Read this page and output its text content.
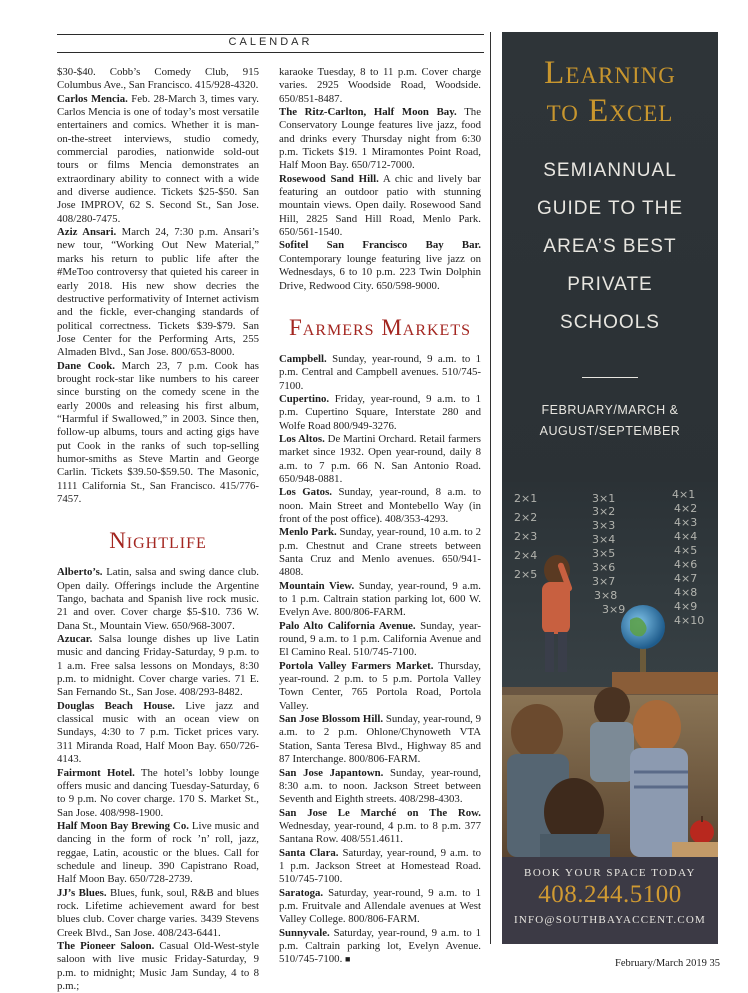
CALENDAR

$30-$40. Cobb’s Comedy Club, 915 Columbus Ave., San Francisco. 415/928-4320.

Carlos Mencia. Feb. 28-March 3, times vary. Carlos Mencia is one of today’s most versatile entertainers and comics. Whether it is man-on-the-street interviews, studio comedy, commercial parodies, nationwide sold-out tours or films Mencia demonstrates an extraordinary ability to connect with a wide and diverse audience. Tickets $25-$50. San Jose IMPROV, 62 S. Second St., San Jose. 408/280-7475.

Aziz Ansari. March 24, 7:30 p.m. Ansari’s new tour, “Working Out New Material,” marks his return to public life after the #MeToo controversy that quieted his career in early 2018. His new show decries the destructive performativity of Internet activism and the fickle, ever-changing standards of political correctness. Tickets $39-$79. San Jose Center for the Performing Arts, 255 Almaden Blvd., San Jose. 800/653-8000.

Dane Cook. March 23, 7 p.m. Cook has brought rock-star like numbers to his career since bursting on the comedy scene in the early 2000s and releasing his first album, “Harmful if Swallowed,” in 2003. Since then, follow-up albums, tours and acting gigs have put Cook in the ranks of such top-selling humor-smiths as Steve Martin and George Carlin. Tickets $39.50-$59.50. The Masonic, 1111 California St., San Francisco. 415/776-7457.

Nightlife

Alberto’s. Latin, salsa and swing dance club. Open daily. Offerings include the Argentine Tango, bachata and Spanish live rock music. 21 and over. Cover charge $5-$10. 736 W. Dana St., Mountain View. 650/968-3007.

Azucar. Salsa lounge dishes up live Latin music and dancing Friday-Saturday, 9 p.m. to 1 a.m. Free salsa lessons on Mondays, 8:30 p.m. to midnight. Cover charge varies. 71 E. San Fernando St., San Jose. 408/293-8482.

Douglas Beach House. Live jazz and classical music with an ocean view on Sundays, 4:30 to 7 p.m. Ticket prices vary. 311 Miranda Road, Half Moon Bay. 650/726-4143.

Fairmont Hotel. The hotel’s lobby lounge offers music and dancing Tuesday-Saturday, 6 to 9 p.m. No cover charge. 170 S. Market St., San Jose. 408/998-1900.

Half Moon Bay Brewing Co. Live music and dancing in the form of rock ’n’ roll, jazz, reggae, Latin, acoustic or the blues. Call for schedule and lineup. 390 Capistrano Road, Half Moon Bay. 650/728-2739.

JJ’s Blues. Blues, funk, soul, R&B and blues rock. Lifetime achievement award for best blues club. Cover charge varies. 3439 Stevens Creek Blvd., San Jose. 408/243-6441.

The Pioneer Saloon. Casual Old-West-style saloon with live music Friday-Saturday, 9 p.m. to midnight; Music Jam Sunday, 4 to 8 p.m.;

karaoke Tuesday, 8 to 11 p.m. Cover charge varies. 2925 Woodside Road, Woodside. 650/851-8487.

The Ritz-Carlton, Half Moon Bay. The Conservatory Lounge features live jazz, food and drinks every Thursday night from 6:30 p.m. Tickets $19. 1 Miramontes Point Road, Half Moon Bay. 650/712-7000.

Rosewood Sand Hill. A chic and lively bar featuring an outdoor patio with stunning mountain views. Open daily. Rosewood Sand Hill, 2825 Sand Hill Road, Menlo Park. 650/561-1540.

Sofitel San Francisco Bay Bar. Contemporary lounge featuring live jazz on Wednesdays, 6 to 10 p.m. 223 Twin Dolphin Drive, Redwood City. 650/598-9000.

Farmers Markets

Campbell. Sunday, year-round, 9 a.m. to 1 p.m. Central and Campbell avenues. 510/745-7100.

Cupertino. Friday, year-round, 9 a.m. to 1 p.m. Cupertino Square, Interstate 280 and Wolfe Road 800/949-3276.

Los Altos. De Martini Orchard. Retail farmers market since 1932. Open year-round, daily 8 a.m. to 7 p.m. 66 N. San Antonio Road. 650/948-0881.

Los Gatos. Sunday, year-round, 8 a.m. to noon. Main Street and Montebello Way (in front of the post office). 408/353-4293.

Menlo Park. Sunday, year-round, 10 a.m. to 2 p.m. Chestnut and Crane streets between Santa Cruz and Menlo avenues. 650/941-4808.

Mountain View. Sunday, year-round, 9 a.m. to 1 p.m. Caltrain station parking lot, 600 W. Evelyn Ave. 800/806-FARM.

Palo Alto California Avenue. Sunday, year-round, 9 a.m. to 1 p.m. California Avenue and El Camino Real. 510/745-7100.

Portola Valley Farmers Market. Thursday, year-round. 2 p.m. to 5 p.m. Portola Valley Town Center, 765 Portola Road, Portola Valley.

San Jose Blossom Hill. Sunday, year-round, 9 a.m. to 2 p.m. Ohlone/Chynoweth VTA Station, Santa Teresa Blvd., Highway 85 and 87 Interchange. 800/806-FARM.

San Jose Japantown. Sunday, year-round, 8:30 a.m. to noon. Jackson Street between Seventh and Eighth streets. 408/298-4303.

San Jose Le Marché on The Row. Wednesday, year-round, 4 p.m. to 8 p.m. 377 Santana Row. 408/551.4611.

Santa Clara. Saturday, year-round, 9 a.m. to 1 p.m. Jackson Street at Homestead Road. 510/745-7100.

Saratoga. Saturday, year-round, 9 a.m. to 1 p.m. Fruitvale and Allendale avenues at West Valley College. 800/806-FARM.

Sunnyvale. Saturday, year-round, 9 a.m. to 1 p.m. Caltrain parking lot, Evelyn Avenue. 510/745-7100. ■

Learning
to Excel
SEMIANNUAL
GUIDE TO THE
AREA’S BEST
PRIVATE
SCHOOLS
FEBRUARY/MARCH &
AUGUST/SEPTEMBER
2×1	3×1	4×1
2×2	3×2	4×2
2×3
3×3	4×3
2×4
3×4	4×4
2×5
3×5	4×5
3×6	4×6
3×7	4×7
3×8	4×8
3×9	4×9
4×10
BOOK YOUR SPACE TODAY
408.244.5100
INFO@SOUTHBAYACCENT.COM
February/March 2019 35
